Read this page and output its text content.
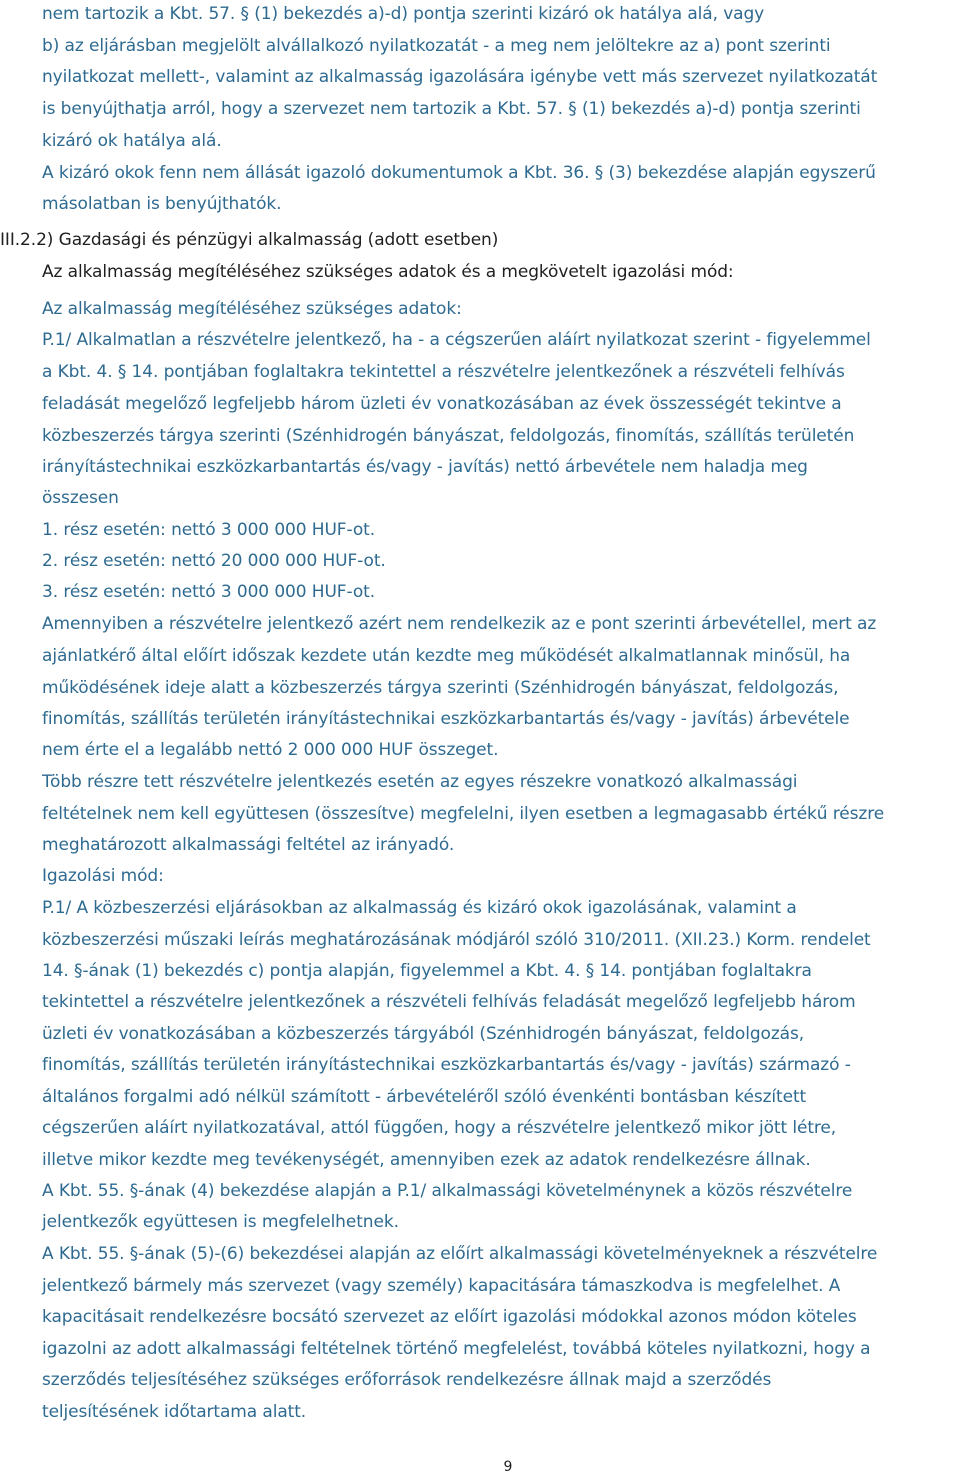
nem tartozik a Kbt. 57. § (1) bekezdés a)-d) pontja szerinti kizáró ok hatálya alá, vagy
b) az eljárásban megjelölt alvállalkozó nyilatkozatát - a meg nem jelöltekre az a) pont szerinti
nyilatkozat mellett-, valamint az alkalmasság igazolására igénybe vett más szervezet nyilatkozatát
is benyújthatja arról, hogy a szervezet nem tartozik a Kbt. 57. § (1) bekezdés a)-d) pontja szerinti
kizáró ok hatálya alá.
A kizáró okok fenn nem állását igazoló dokumentumok a Kbt. 36. § (3) bekezdése alapján egyszerű
másolatban is benyújthatók.
III.2.2) Gazdasági és pénzügyi alkalmasság (adott esetben)
Az alkalmasság megítéléséhez szükséges adatok és a megkövetelt igazolási mód:
Az alkalmasság megítéléséhez szükséges adatok:
P.1/ Alkalmatlan a részvételre jelentkező, ha - a cégszerűen aláírt nyilatkozat szerint - figyelemmel
a Kbt. 4. § 14. pontjában foglaltakra tekintettel a részvételre jelentkezőnek a részvételi felhívás
feladását megelőző legfeljebb három üzleti év vonatkozásában az évek összességét tekintve a
közbeszerzés tárgya szerinti (Szénhidrogén bányászat, feldolgozás, finomítás, szállítás területén
irányítástechnikai eszközkarbantartás és/vagy - javítás) nettó árbevétele nem haladja meg
összesen
1. rész esetén: nettó 3 000 000 HUF-ot.
2. rész esetén: nettó 20 000 000 HUF-ot.
3. rész esetén: nettó 3 000 000 HUF-ot.
Amennyiben a részvételre jelentkező azért nem rendelkezik az e pont szerinti árbevétellel, mert az
ajánlatkérő által előírt időszak kezdete után kezdte meg működését alkalmatlannak minősül, ha
működésének ideje alatt a közbeszerzés tárgya szerinti (Szénhidrogén bányászat, feldolgozás,
finomítás, szállítás területén irányítástechnikai eszközkarbantartás és/vagy - javítás) árbevétele
nem érte el a legalább nettó 2 000 000 HUF összeget.
Több részre tett részvételre jelentkezés esetén az egyes részekre vonatkozó alkalmassági
feltételnek nem kell együttesen (összesítve) megfelelni, ilyen esetben a legmagasabb értékű részre
meghatározott alkalmassági feltétel az irányadó.
Igazolási mód:
P.1/ A közbeszerzési eljárásokban az alkalmasság és kizáró okok igazolásának, valamint a
közbeszerzési műszaki leírás meghatározásának módjáról szóló 310/2011. (XII.23.) Korm. rendelet
14. §-ának (1) bekezdés c) pontja alapján, figyelemmel a Kbt. 4. § 14. pontjában foglaltakra
tekintettel a részvételre jelentkezőnek a részvételi felhívás feladását megelőző legfeljebb három
üzleti év vonatkozásában a közbeszerzés tárgyából (Szénhidrogén bányászat, feldolgozás,
finomítás, szállítás területén irányítástechnikai eszközkarbantartás és/vagy - javítás) származó -
általános forgalmi adó nélkül számított - árbevételéről szóló évenkénti bontásban készített
cégszerűen aláírt nyilatkozatával, attól függően, hogy a részvételre jelentkező mikor jött létre,
illetve mikor kezdte meg tevékenységét, amennyiben ezek az adatok rendelkezésre állnak.
A Kbt. 55. §-ának (4) bekezdése alapján a P.1/ alkalmassági követelménynek a közös részvételre
jelentkezők együttesen is megfelelhetnek.
A Kbt. 55. §-ának (5)-(6) bekezdései alapján az előírt alkalmassági követelményeknek a részvételre
jelentkező bármely más szervezet (vagy személy) kapacitására támaszkodva is megfelelhet. A
kapacitásait rendelkezésre bocsátó szervezet az előírt igazolási módokkal azonos módon köteles
igazolni az adott alkalmassági feltételnek történő megfelelést, továbbá köteles nyilatkozni, hogy a
szerződés teljesítéséhez szükséges erőforrások rendelkezésre állnak majd a szerződés
teljesítésének időtartama alatt.
9
